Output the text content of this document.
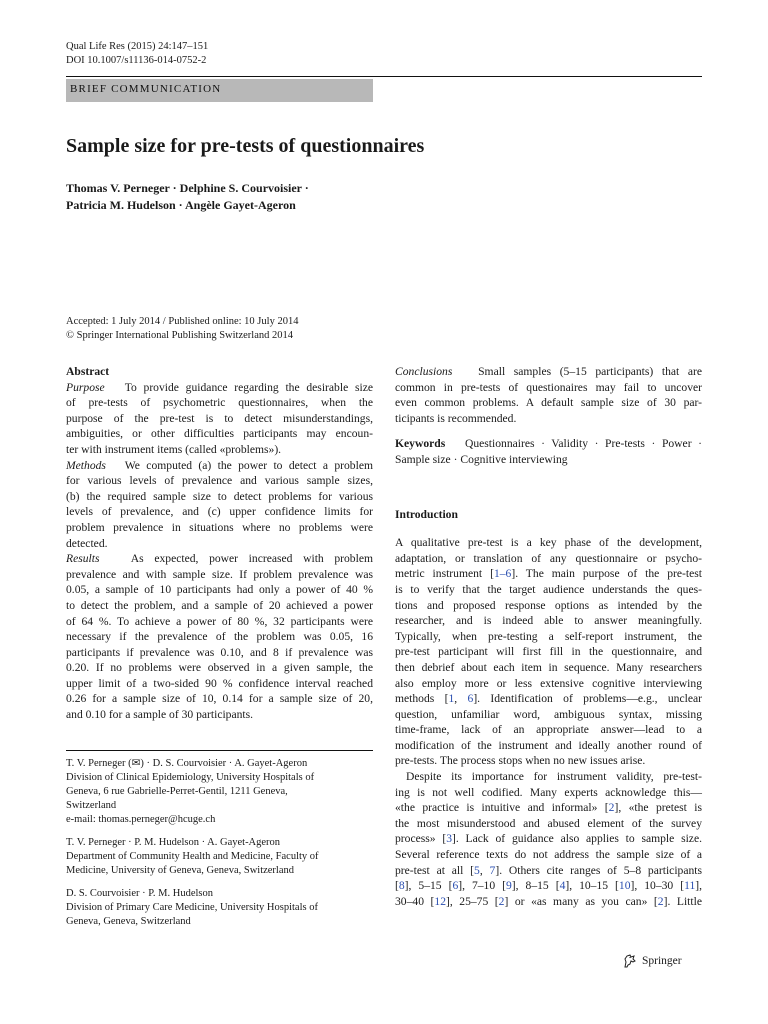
Qual Life Res (2015) 24:147–151
DOI 10.1007/s11136-014-0752-2
BRIEF COMMUNICATION
Sample size for pre-tests of questionnaires
Thomas V. Perneger · Delphine S. Courvoisier ·
Patricia M. Hudelson · Angèle Gayet-Ageron
Accepted: 1 July 2014 / Published online: 10 July 2014
© Springer International Publishing Switzerland 2014
Abstract
Purpose To provide guidance regarding the desirable size
of pre-tests of psychometric questionnaires, when the
purpose of the pre-test is to detect misunderstandings,
ambiguities, or other difficulties participants may encoun-
ter with instrument items (called «problems»).
Methods We computed (a) the power to detect a problem
for various levels of prevalence and various sample sizes,
(b) the required sample size to detect problems for various
levels of prevalence, and (c) upper confidence limits for
problem prevalence in situations where no problems were
detected.
Results	As expected, power increased with problem
prevalence and with sample size. If problem prevalence was
0.05, a sample of 10 participants had only a power of 40 %
to detect the problem, and a sample of 20 achieved a power
of 64 %. To achieve a power of 80 %, 32 participants were
necessary if the prevalence of the problem was 0.05, 16
participants if prevalence was 0.10, and 8 if prevalence was
0.20. If no problems were observed in a given sample, the
upper limit of a two-sided 90 % confidence interval reached
0.26 for a sample size of 10, 0.14 for a sample size of 20,
and 0.10 for a sample of 30 participants.
T. V. Perneger (✉) · D. S. Courvoisier · A. Gayet-Ageron
Division of Clinical Epidemiology, University Hospitals of
Geneva, 6 rue Gabrielle-Perret-Gentil, 1211 Geneva,
Switzerland
e-mail: thomas.perneger@hcuge.ch
T. V. Perneger · P. M. Hudelson · A. Gayet-Ageron
Department of Community Health and Medicine, Faculty of
Medicine, University of Geneva, Geneva, Switzerland
D. S. Courvoisier · P. M. Hudelson
Division of Primary Care Medicine, University Hospitals of
Geneva, Geneva, Switzerland
Conclusions Small samples (5–15 participants) that are
common in pre-tests of questionaires may fail to uncover
even common problems. A default sample size of 30 par-
ticipants is recommended.
Keywords Questionnaires · Validity · Pre-tests · Power ·
Sample size · Cognitive interviewing
Introduction
A qualitative pre-test is a key phase of the development,
adaptation, or translation of any questionnaire or psycho-
metric instrument [1–6]. The main purpose of the pre-test
is to verify that the target audience understands the ques-
tions and proposed response options as intended by the
researcher, and is indeed able to answer meaningfully.
Typically, when pre-testing a self-report instrument, the
pre-test participant will first fill in the questionnaire, and
then debrief about each item in sequence. Many researchers
also employ more or less extensive cognitive interviewing
methods [1, 6]. Identification of problems—e.g., unclear
question, unfamiliar word, ambiguous syntax, missing
time-frame, lack of an appropriate answer—lead to a
modification of the instrument and ideally another round of
pre-tests. The process stops when no new issues arise.
Despite its importance for instrument validity, pre-test-
ing is not well codified. Many experts acknowledge this—
«the practice is intuitive and informal» [2], «the pretest is
the most misunderstood and abused element of the survey
process» [3]. Lack of guidance also applies to sample size.
Several reference texts do not address the sample size of a
pre-test at all [5, 7]. Others cite ranges of 5–8 participants
[8], 5–15 [6], 7–10 [9], 8–15 [4], 10–15 [10], 10–30 [11],
30–40 [12], 25–75 [2] or «as many as you can» [2]. Little
Springer
